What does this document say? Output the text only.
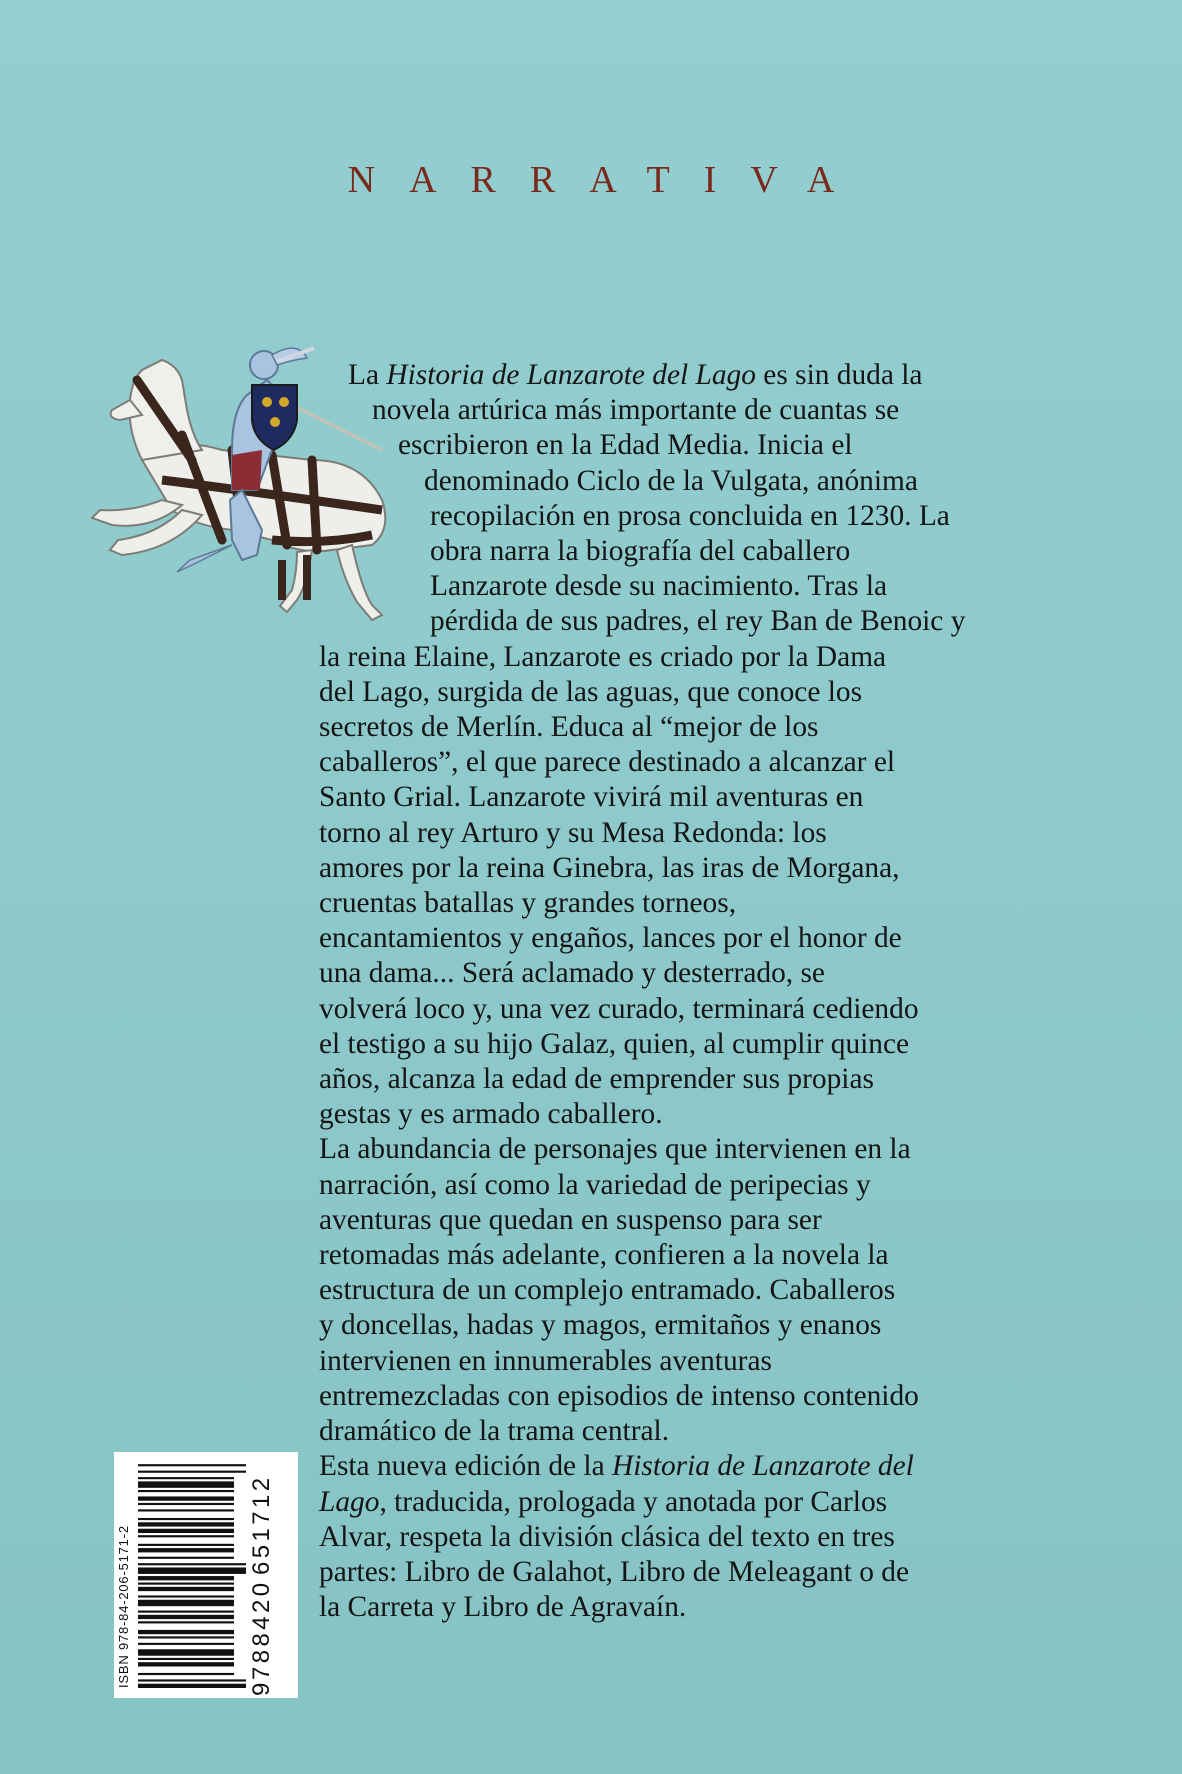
NARRATIVA
La Historia de Lanzarote del Lago es sin duda la
novela artúrica más importante de cuantas se
escribieron en la Edad Media. Inicia el
denominado Ciclo de la Vulgata, anónima
recopilación en prosa concluida en 1230. La
obra narra la biografía del caballero
Lanzarote desde su nacimiento. Tras la
pérdida de sus padres, el rey Ban de Benoic y
la reina Elaine, Lanzarote es criado por la Dama
del Lago, surgida de las aguas, que conoce los
secretos de Merlín. Educa al “mejor de los
caballeros”, el que parece destinado a alcanzar el
Santo Grial. Lanzarote vivirá mil aventuras en
torno al rey Arturo y su Mesa Redonda: los
amores por la reina Ginebra, las iras de Morgana,
cruentas batallas y grandes torneos,
encantamientos y engaños, lances por el honor de
una dama... Será aclamado y desterrado, se
volverá loco y, una vez curado, terminará cediendo
el testigo a su hijo Galaz, quien, al cumplir quince
años, alcanza la edad de emprender sus propias
gestas y es armado caballero.
La abundancia de personajes que intervienen en la
narración, así como la variedad de peripecias y
aventuras que quedan en suspenso para ser
retomadas más adelante, confieren a la novela la
estructura de un complejo entramado. Caballeros
y doncellas, hadas y magos, ermitaños y enanos
intervienen en innumerables aventuras
entremezcladas con episodios de intenso contenido
dramático de la trama central.
Esta nueva edición de la Historia de Lanzarote del
Lago, traducida, prologada y anotada por Carlos
Alvar, respeta la división clásica del texto en tres
partes: Libro de Galahot, Libro de Meleagant o de
la Carreta y Libro de Agravaín.
ISBN 978-84-206-5171-2
9
788420
651712
